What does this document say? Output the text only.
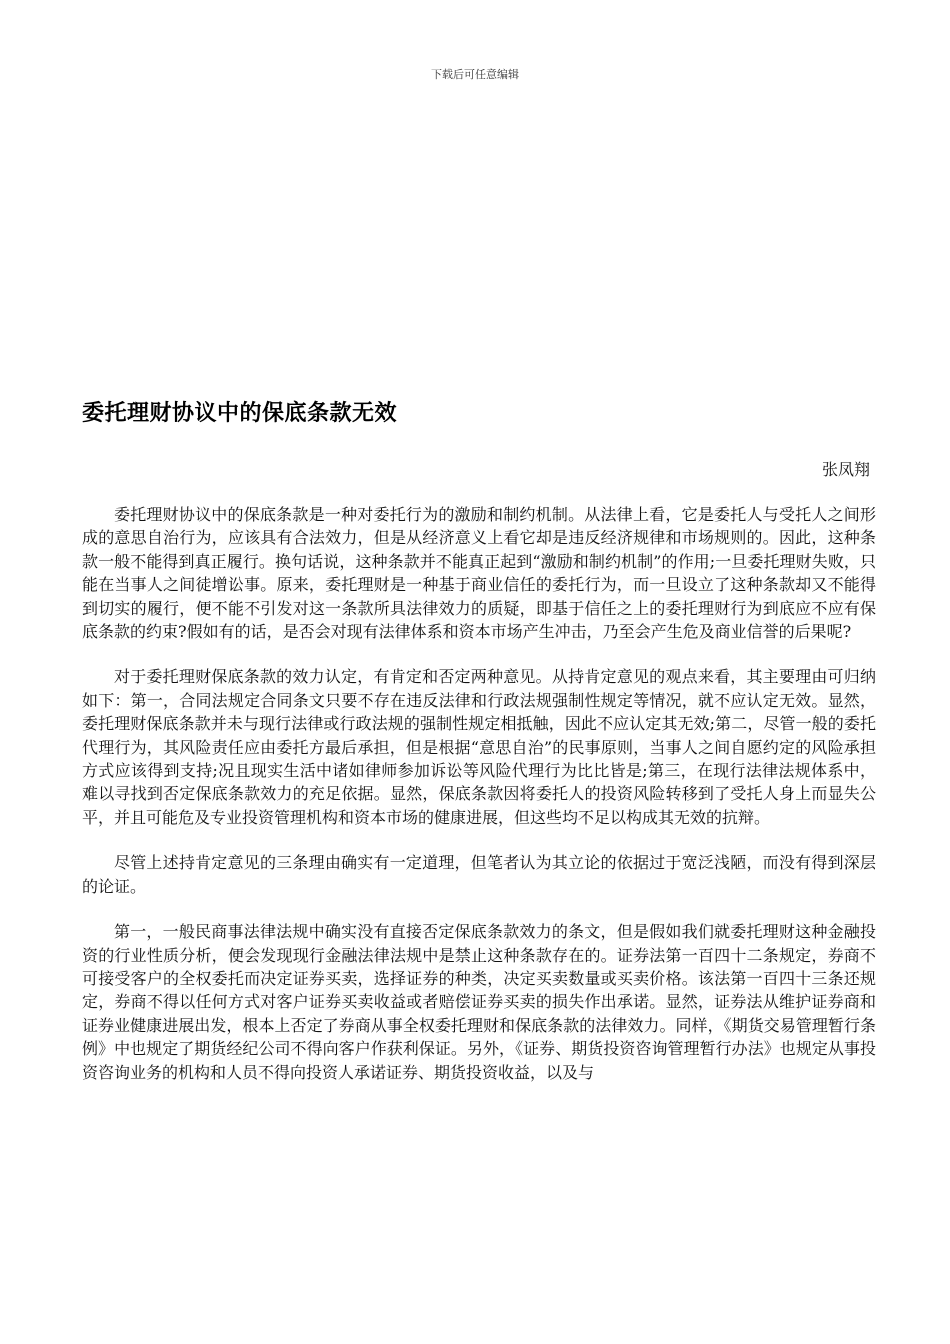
下载后可任意编辑
委托理财协议中的保底条款无效
张凤翔

委托理财协议中的保底条款是一种对委托行为的激励和制约机制。从法律上看，它是委托人与受托人之间形成的意思自治行为，应该具有合法效力，但是从经济意义上看它却是违反经济规律和市场规则的。因此，这种条款一般不能得到真正履行。换句话说，这种条款并不能真正起到“激励和制约机制”的作用;一旦委托理财失败，只能在当事人之间徒增讼事。原来，委托理财是一种基于商业信任的委托行为，而一旦设立了这种条款却又不能得到切实的履行，便不能不引发对这一条款所具法律效力的质疑，即基于信任之上的委托理财行为到底应不应有保底条款的约束?假如有的话，是否会对现有法律体系和资本市场产生冲击，乃至会产生危及商业信誉的后果呢?

对于委托理财保底条款的效力认定，有肯定和否定两种意见。从持肯定意见的观点来看，其主要理由可归纳如下：第一，合同法规定合同条文只要不存在违反法律和行政法规强制性规定等情况，就不应认定无效。显然，委托理财保底条款并未与现行法律或行政法规的强制性规定相抵触，因此不应认定其无效;第二，尽管一般的委托代理行为，其风险责任应由委托方最后承担，但是根据“意思自治”的民事原则，当事人之间自愿约定的风险承担方式应该得到支持;况且现实生活中诸如律师参加诉讼等风险代理行为比比皆是;第三，在现行法律法规体系中，难以寻找到否定保底条款效力的充足依据。显然，保底条款因将委托人的投资风险转移到了受托人身上而显失公平，并且可能危及专业投资管理机构和资本市场的健康进展，但这些均不足以构成其无效的抗辩。

尽管上述持肯定意见的三条理由确实有一定道理，但笔者认为其立论的依据过于宽泛浅陋，而没有得到深层的论证。

第一，一般民商事法律法规中确实没有直接否定保底条款效力的条文，但是假如我们就委托理财这种金融投资的行业性质分析，便会发现现行金融法律法规中是禁止这种条款存在的。证券法第一百四十二条规定，券商不可接受客户的全权委托而决定证券买卖，选择证券的种类，决定买卖数量或买卖价格。该法第一百四十三条还规定，券商不得以任何方式对客户证券买卖收益或者赔偿证券买卖的损失作出承诺。显然，证券法从维护证券商和证券业健康进展出发，根本上否定了券商从事全权委托理财和保底条款的法律效力。同样，《期货交易管理暂行条例》中也规定了期货经纪公司不得向客户作获利保证。另外，《证券、期货投资咨询管理暂行办法》也规定从事投资咨询业务的机构和人员不得向投资人承诺证券、期货投资收益，以及与
